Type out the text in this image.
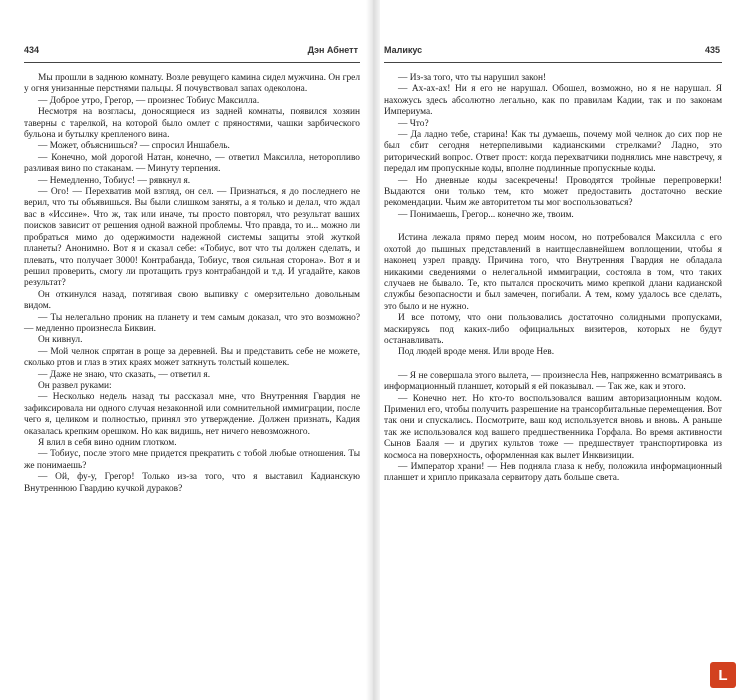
434	Дэн Абнетт

Мы прошли в заднюю комнату. Возле ревущего камина сидел мужчина. Он грел у огня унизанные перстнями пальцы. Я почувствовал запах одеколона.

— Доброе утро, Грегор, — произнес Тобиус Максилла.

Несмотря на возгласы, доносящиеся из задней комнаты, появился хозяин таверны с тарелкой, на которой было омлет с пряностями, чашки зарбического бульона и бутылку крепленого вина.

— Может, объяснишься? — спросил Иншабель.

— Конечно, мой дорогой Натан, конечно, — ответил Максилла, неторопливо разливая вино по стаканам. — Минуту терпения.

— Немедленно, Тобиус! — рявкнул я.

— Ого! — Перехватив мой взгляд, он сел. — Признаться, я до последнего не верил, что ты объявишься. Вы были слишком заняты, а я только и делал, что ждал вас в «Иссине». Что ж, так или иначе, ты просто повторял, что результат ваших поисков зависит от решения одной важной проблемы. Что правда, то и... можно ли пробраться мимо до одержимости надежной системы защиты этой жуткой планеты? Анонимно. Вот я и сказал себе: «Тобиус, вот что ты должен сделать, и плевать, что получает 3000! Контрабанда, Тобиус, твоя сильная сторона». Вот я и решил проверить, смогу ли протащить груз контрабандой и т.д. И угадайте, каков результат?

Он откинулся назад, потягивая свою выпивку с омерзительно довольным видом.

— Ты нелегально проник на планету и тем самым доказал, что это возможно? — медленно произнесла Биквин.

Он кивнул.

— Мой челнок спрятан в роще за деревней. Вы и представить себе не можете, сколько ртов и глаз в этих краях может заткнуть толстый кошелек.

— Даже не знаю, что сказать, — ответил я.

Он развел руками:

— Несколько недель назад ты рассказал мне, что Внутренняя Гвардия не зафиксировала ни одного случая незаконной или сомнительной иммиграции, после чего я, целиком и полностью, принял это утверждение. Должен признать, Кадия оказалась крепким орешком. Но как видишь, нет ничего невозможного.

Я влил в себя вино одним глотком.

— Тобиус, после этого мне придется прекратить с тобой любые отношения. Ты же понимаешь?

— Ой, фу-у, Грегор! Только из-за того, что я выставил Кадианскую Внутреннюю Гвардию кучкой дураков?

Маликус	435

— Из-за того, что ты нарушил закон!

— Ах-ах-ах! Ни я его не нарушал. Обошел, возможно, но я не нарушал. Я нахожусь здесь абсолютно легально, как по правилам Кадии, так и по законам Империума.

— Что?

— Да ладно тебе, старина! Как ты думаешь, почему мой челнок до сих пор не был сбит сегодня нетерпеливыми кадианскими стрелками? Ладно, это риторический вопрос. Ответ прост: когда перехватчики поднялись мне навстречу, я передал им пропускные коды, вполне подлинные пропускные коды.

— Но дневные коды засекречены! Проводятся тройные перепроверки! Выдаются они только тем, кто может предоставить достаточно веские рекомендации. Чьим же авторитетом ты мог воспользоваться?

— Понимаешь, Грегор... конечно же, твоим.

Истина лежала прямо перед моим носом, но потребовался Максилла с его охотой до пышных представлений в наитщеславнейшем воплощении, чтобы я наконец узрел правду. Причина того, что Внутренняя Гвардия не обладала никакими сведениями о нелегальной иммиграции, состояла в том, что таких случаев не бывало. Те, кто пытался проскочить мимо крепкой длани кадианской службы безопасности и был замечен, погибали. А тем, кому удалось все сделать, это было и не нужно.

И все потому, что они пользовались достаточно солидными пропусками, маскируясь под каких-либо официальных визитеров, которых не будут останавливать.

Под людей вроде меня. Или вроде Нев.

— Я не совершала этого вылета, — произнесла Нев, напряженно всматриваясь в информационный планшет, который я ей показывал. — Так же, как и этого.

— Конечно нет. Но кто-то воспользовался вашим авторизационным кодом. Применил его, чтобы получить разрешение на трансорбитальные перемещения. Вот так они и спускались. Посмотрите, ваш код используется вновь и вновь. А раньше так же использовался код вашего предшественника Горфала. Во время активности Сынов Бааля — и других культов тоже — предшествует транспортировка из космоса на поверхность, оформленная как вылет Инквизиции.

— Император храни! — Нев подняла глаза к небу, положила информационный планшет и хрипло приказала сервитору дать больше света.

L
